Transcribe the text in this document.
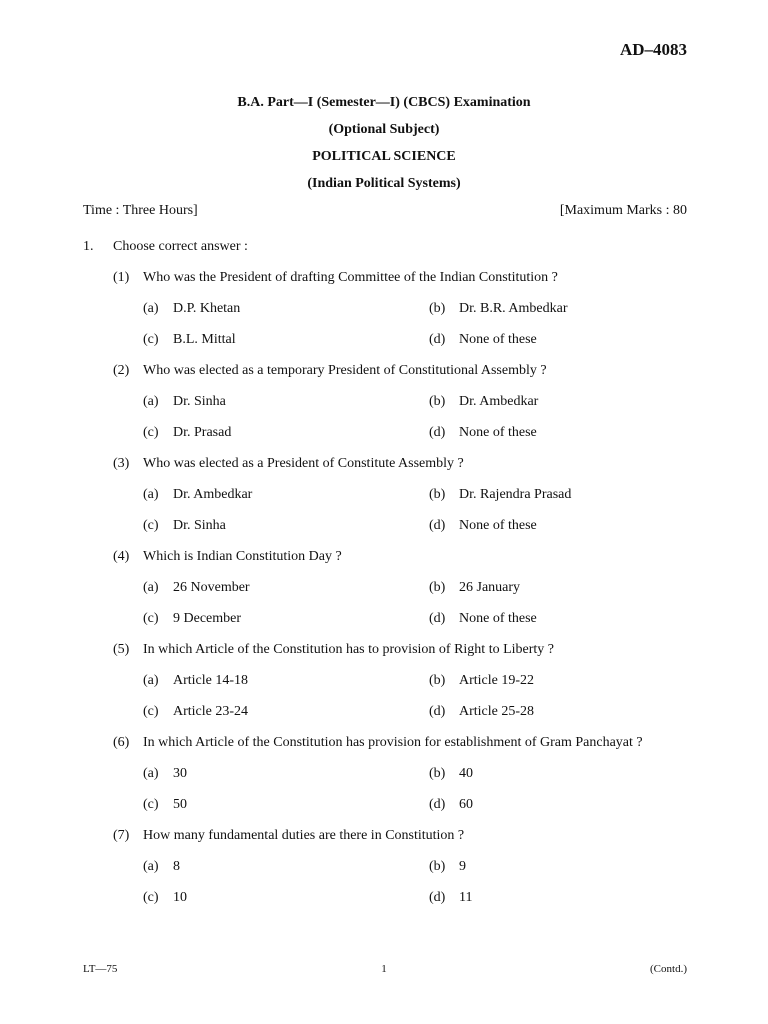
AD–4083
B.A. Part—I (Semester—I) (CBCS) Examination
(Optional Subject)
POLITICAL SCIENCE
(Indian Political Systems)
Time : Three Hours]	[Maximum Marks : 80
1. Choose correct answer :
(1) Who was the President of drafting Committee of the Indian Constitution ?
(a) D.P. Khetan	(b) Dr. B.R. Ambedkar
(c) B.L. Mittal	(d) None of these
(2) Who was elected as a temporary President of Constitutional Assembly ?
(a) Dr. Sinha	(b) Dr. Ambedkar
(c) Dr. Prasad	(d) None of these
(3) Who was elected as a President of Constitute Assembly ?
(a) Dr. Ambedkar	(b) Dr. Rajendra Prasad
(c) Dr. Sinha	(d) None of these
(4) Which is Indian Constitution Day ?
(a) 26 November	(b) 26 January
(c) 9 December	(d) None of these
(5) In which Article of the Constitution has to provision of Right to Liberty ?
(a) Article 14-18	(b) Article 19-22
(c) Article 23-24	(d) Article 25-28
(6) In which Article of the Constitution has provision for establishment of Gram Panchayat ?
(a) 30	(b) 40
(c) 50	(d) 60
(7) How many fundamental duties are there in Constitution ?
(a) 8	(b) 9
(c) 10	(d) 11
LT—75	1	(Contd.)
